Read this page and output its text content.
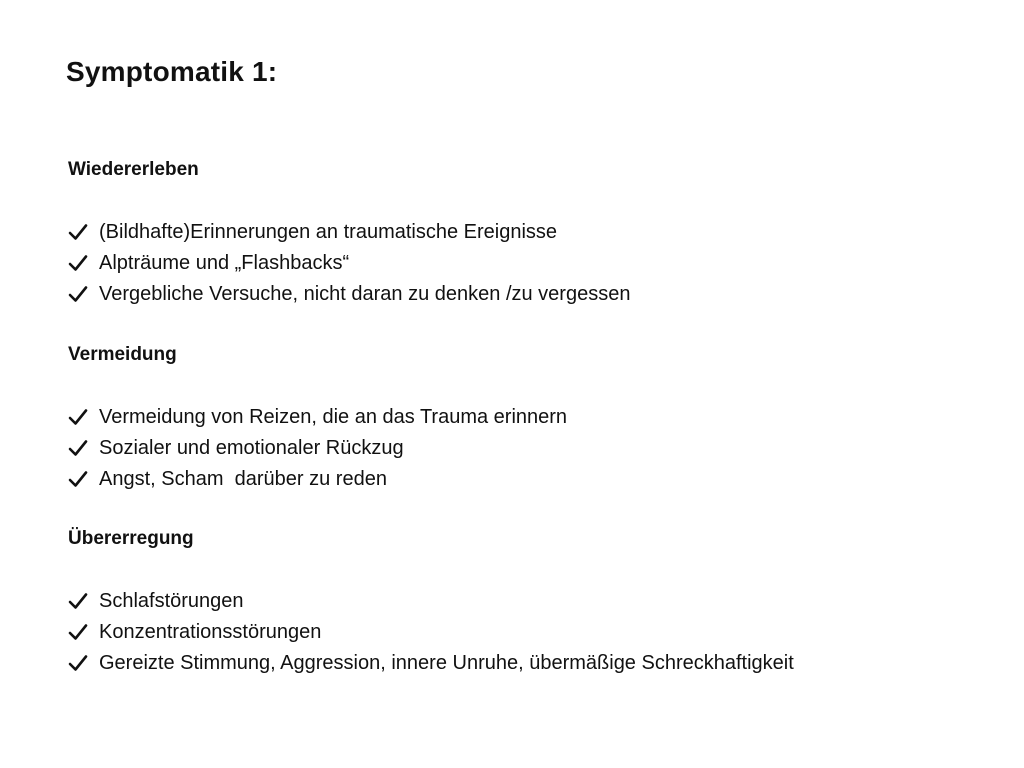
Symptomatik 1:
Wiedererleben
(Bildhafte)Erinnerungen an traumatische Ereignisse
Alpträume und „Flashbacks“
Vergebliche Versuche, nicht daran zu denken /zu vergessen
Vermeidung
Vermeidung von Reizen, die an das Trauma erinnern
Sozialer und emotionaler Rückzug
Angst, Scham  darüber zu reden
Übererregung
Schlafstörungen
Konzentrationsstörungen
Gereizte Stimmung, Aggression, innere Unruhe, übermäßige Schreckhaftigkeit
